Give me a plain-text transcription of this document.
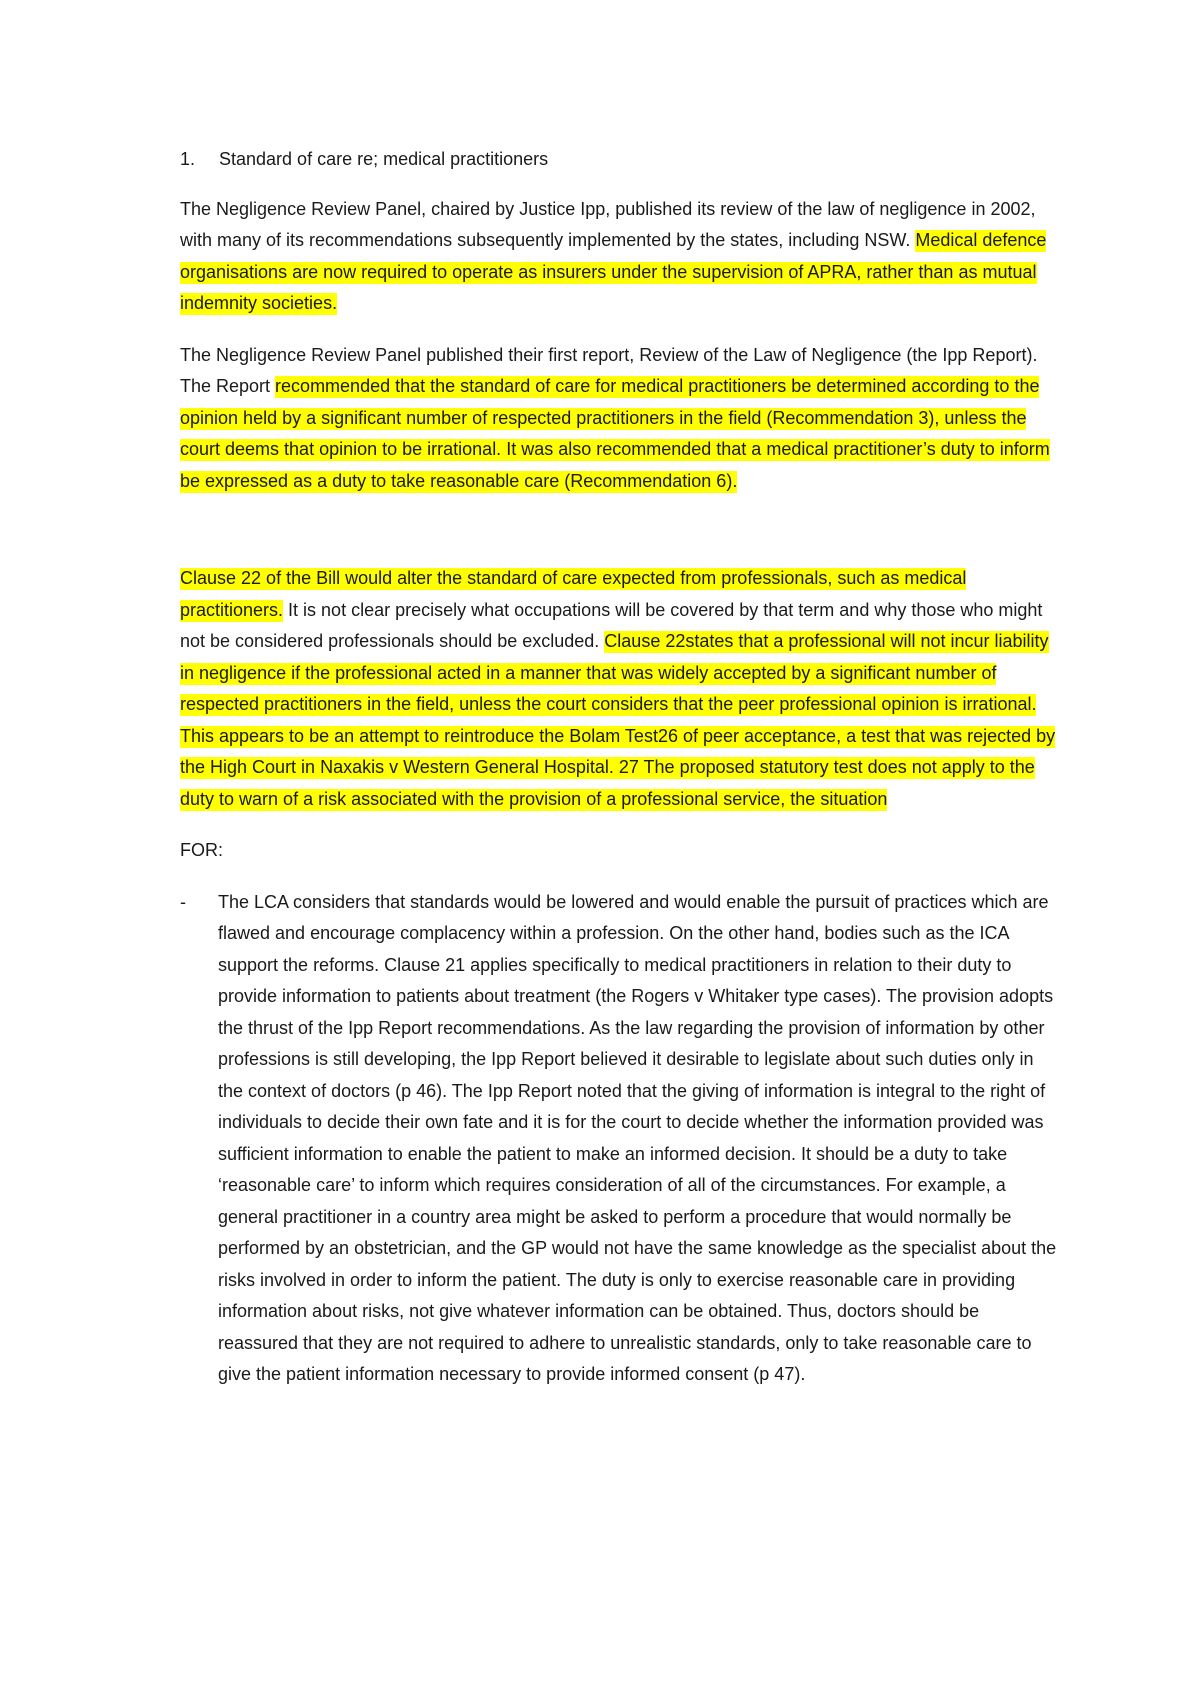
1.	Standard of care re; medical practitioners

The Negligence Review Panel, chaired by Justice Ipp, published its review of the law of negligence in 2002, with many of its recommendations subsequently implemented by the states, including NSW. Medical defence organisations are now required to operate as insurers under the supervision of APRA, rather than as mutual indemnity societies.

The Negligence Review Panel published their first report, Review of the Law of Negligence (the Ipp Report). The Report recommended that the standard of care for medical practitioners be determined according to the opinion held by a significant number of respected practitioners in the field (Recommendation 3), unless the court deems that opinion to be irrational. It was also recommended that a medical practitioner’s duty to inform be expressed as a duty to take reasonable care (Recommendation 6).

Clause 22 of the Bill would alter the standard of care expected from professionals, such as medical practitioners. It is not clear precisely what occupations will be covered by that term and why those who might not be considered professionals should be excluded. Clause 22states that a professional will not incur liability in negligence if the professional acted in a manner that was widely accepted by a significant number of respected practitioners in the field, unless the court considers that the peer professional opinion is irrational. This appears to be an attempt to reintroduce the Bolam Test26 of peer acceptance, a test that was rejected by the High Court in Naxakis v Western General Hospital. 27 The proposed statutory test does not apply to the duty to warn of a risk associated with the provision of a professional service, the situation

FOR:

- The LCA considers that standards would be lowered and would enable the pursuit of practices which are flawed and encourage complacency within a profession. On the other hand, bodies such as the ICA support the reforms. Clause 21 applies specifically to medical practitioners in relation to their duty to provide information to patients about treatment (the Rogers v Whitaker type cases). The provision adopts the thrust of the Ipp Report recommendations. As the law regarding the provision of information by other professions is still developing, the Ipp Report believed it desirable to legislate about such duties only in the context of doctors (p 46). The Ipp Report noted that the giving of information is integral to the right of individuals to decide their own fate and it is for the court to decide whether the information provided was sufficient information to enable the patient to make an informed decision. It should be a duty to take ‘reasonable care’ to inform which requires consideration of all of the circumstances. For example, a general practitioner in a country area might be asked to perform a procedure that would normally be performed by an obstetrician, and the GP would not have the same knowledge as the specialist about the risks involved in order to inform the patient. The duty is only to exercise reasonable care in providing information about risks, not give whatever information can be obtained. Thus, doctors should be reassured that they are not required to adhere to unrealistic standards, only to take reasonable care to give the patient information necessary to provide informed consent (p 47).
